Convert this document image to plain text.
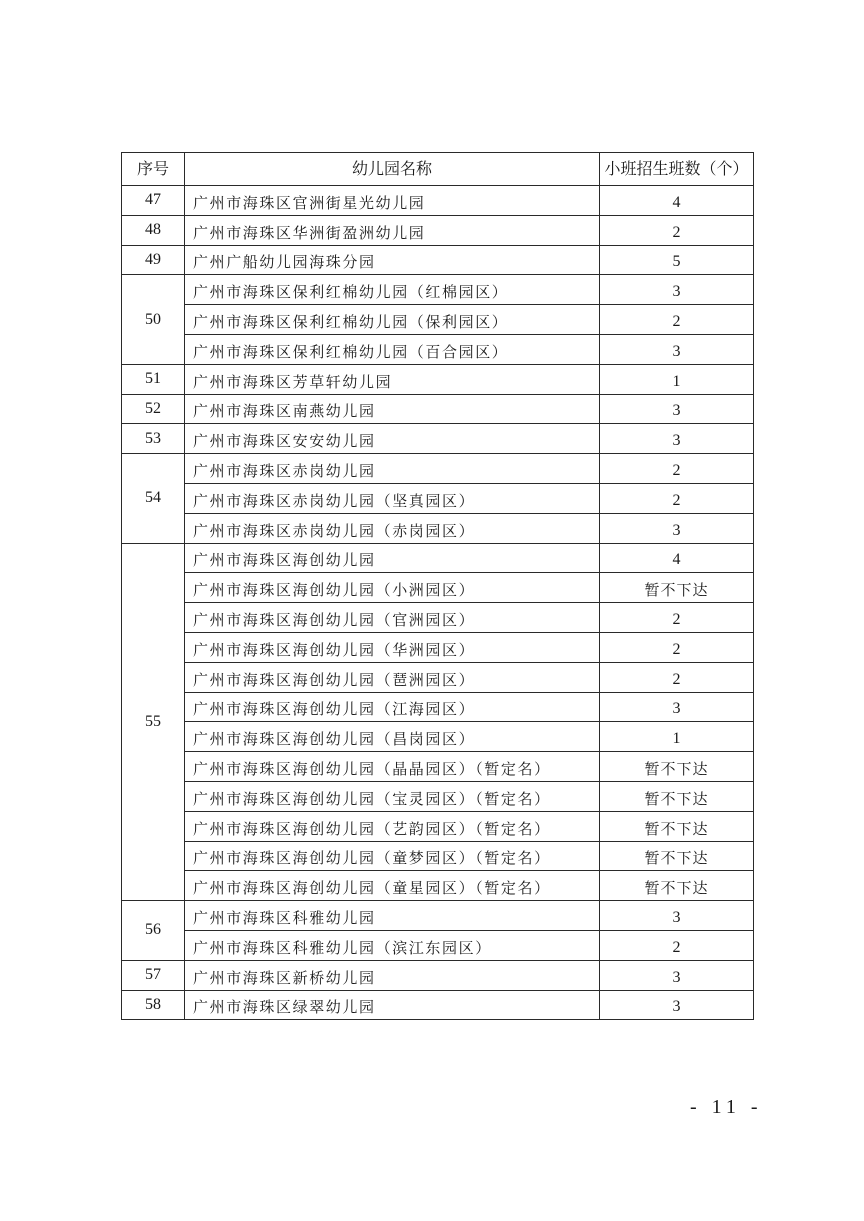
序号	幼儿园名称	小班招生班数（个）
47	广州市海珠区官洲街星光幼儿园	4
48	广州市海珠区华洲街盈洲幼儿园	2
49	广州广船幼儿园海珠分园	5
50	广州市海珠区保利红棉幼儿园（红棉园区）	3
	广州市海珠区保利红棉幼儿园（保利园区）	2
	广州市海珠区保利红棉幼儿园（百合园区）	3
51	广州市海珠区芳草轩幼儿园	1
52	广州市海珠区南燕幼儿园	3
53	广州市海珠区安安幼儿园	3
54	广州市海珠区赤岗幼儿园	2
	广州市海珠区赤岗幼儿园（坚真园区）	2
	广州市海珠区赤岗幼儿园（赤岗园区）	3
55	广州市海珠区海创幼儿园	4
	广州市海珠区海创幼儿园（小洲园区）	暂不下达
	广州市海珠区海创幼儿园（官洲园区）	2
	广州市海珠区海创幼儿园（华洲园区）	2
	广州市海珠区海创幼儿园（琶洲园区）	2
	广州市海珠区海创幼儿园（江海园区）	3
	广州市海珠区海创幼儿园（昌岗园区）	1
	广州市海珠区海创幼儿园（晶晶园区）（暂定名）	暂不下达
	广州市海珠区海创幼儿园（宝灵园区）（暂定名）	暂不下达
	广州市海珠区海创幼儿园（艺韵园区）（暂定名）	暂不下达
	广州市海珠区海创幼儿园（童梦园区）（暂定名）	暂不下达
	广州市海珠区海创幼儿园（童星园区）（暂定名）	暂不下达
56	广州市海珠区科雅幼儿园	3
	广州市海珠区科雅幼儿园（滨江东园区）	2
57	广州市海珠区新桥幼儿园	3
58	广州市海珠区绿翠幼儿园	3
- 11 -
